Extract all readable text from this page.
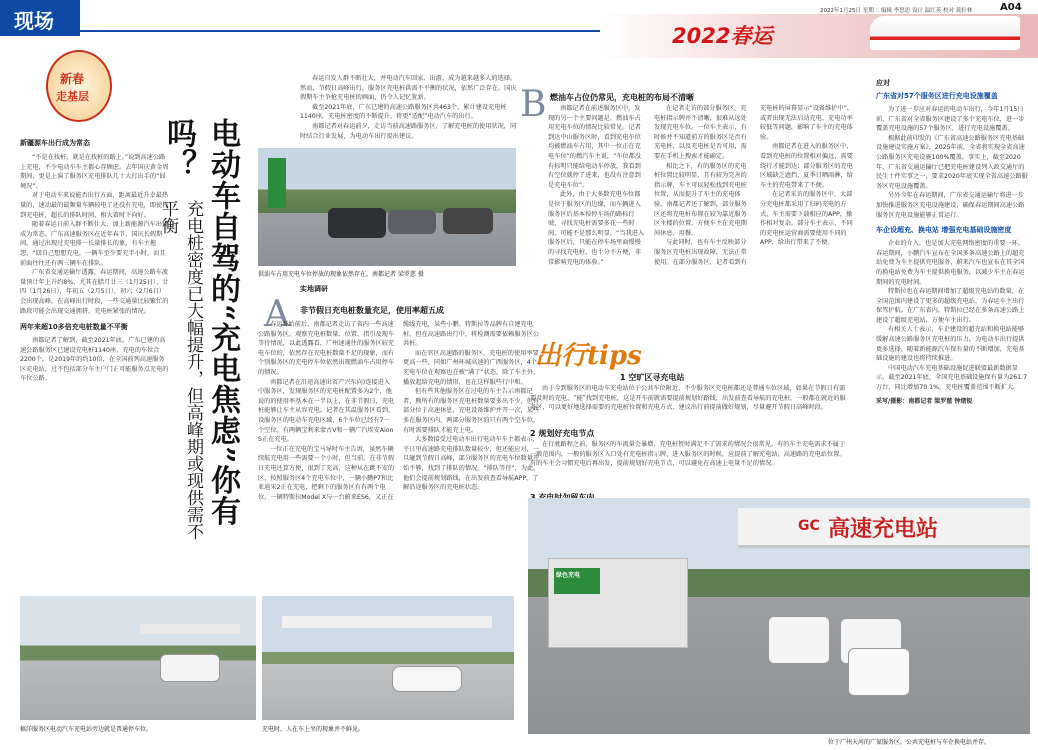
现场	2022年1月25日 星期二 编辑 李思思 设计 温红英 校对 黄轩林	A04
2022春运
新春
走基层
新疆源车出行成为常态

“不是在找桩，就是在找桩的路上。”说到高速公路上充电，不少电动车车主都心存顾虑。去年国庆黄金周期间，更是上演了服务区充电排队几十大打出手的“囧境况”。

对于电动车来说能否出行方面，距离最近升幸最热量的，速动最的最频量车辆较电了还没有充电，即使找到充电桩，超长的排队时间，相大着时下向好。

随着春运日前入群不断什大，加上新能源汽车出行成为常态。广东高速服务区在近年春节、国庆长假期间，通过出现过充电排一长量排长的象，有车主拖怨，“回自己想想充电，一辆车至少要充半小时，而且前面往往还有两三辆车在排队。

广东省交通运输厅透露，春运期间，高速公路车流量预计年上升约8%，尤其在腊月廿三（1月25日）、廿四（1月26日），年初五（2月5日），初六（2月6日）会出现高峰，在高峰出行时段，一些交通量比较繁忙的路段可能会出现交通拥挤。充电桩紧张的情况。

两年来超10多倍充电桩数量不平衡

南都记者了解到，截至2021年底，广东已建的高速公路服务区已建设充电桩1140座，充电的车位合2200个，是2019年的约10倍，在全国前列高速服务区充电站，过不包括部分车主户门正可能服务点充电的车位公路。	电动车自驾的“充电焦虑”你有吗？
充电桩密度已大幅提升，但高峰期或现供需不平衡

春运自发人群不断壮大，并电动汽车回家、出游，成为越来越多人的选择。然而，节假日高峰出行，服务区充电桩供需不平衡的状况，依然广泛存在。国庆假期车主争抢充电桩的画面，仍令人记忆犹新。

截至2021年底，广东已建的高速公路服务区共463个，累计建设充电桩1140座，充电桩密度的不断提升，将更“适配”电动汽车的出行。

南都记者对春运前夕，走访当前高速路服务区，了解充电桩的使用状况，同时结合行业发展，为电动车出行提出建议。

供油车占用充电车位停放的现象依然存在。南都记者 梁罗慈 摄
实地调研
A	非节假日充电桩数量充足，使用率超五成

春运开始前后，南都记者走访了省内一些高速公路服务区，观察充电桩数量、位置、指引及现车等待情况，以此透露看，广州速通往的服务区较充电车位的，依然存在充电桩数量不足的现象，而有个别服务区的充电停车位依然出现燃油车占用停车的情况。

南都记者在沿途高速出省产兴东向)连接进入中服务区，发现服务区的充电桩配置多为2个，他说的的使用率基本在一半以上，在非节假日，充电桩能够让车主从容充电。记者在其温服务区看到，设服务区的电动车充电区域，6个车位已经有7一个空位。有两辆宝利来蒙古V和一辆广汽埃安Aion S正在充电。

一位正在充电的宝马导时车主告诉，虽然车辆续航充电用一些需要一个小时，但当前，在非节假日充电还算方便，很到了充高，这种从在跳不安的区，按照服务区4个充电车位中，一辆小鹏P7和比亚迪宋2正在充电，把剩下的服务区有有两个电位，一辆特斯拉Model X与一台蔚来ES6，又正在缆线充电，某些小鹏、特斯拉等品牌有自建充电桩，但在高速路出行中，将检测需要依赖服务区公共桩。

而在官区高速路的服务区，充电桩的使用率要更高一些，同如广州环城高速的广西服务区，4个充电车位在观察也在被“满了”状态，除了车主外，播放起给充电的情形，也在这样服些行中和。

但有些其他服务区在过电的车主告示南都记者，熊所有的服务区充电桩数量要多出不少，但有部分位于高速休息，充电设备维护并开一次，某些多在服务区内，两部分服务区的只有两个空车位，有时需要排队才能充上电。

大多数接受过电动车出行电动车车主都表示，平日里高速路充电排队数量较少，但还能应对，一旦碰到节假日高峰，部分服务区的充电车位数量开始不够，找到了排队的情况。“排队等待”，为此，他们会提前规划路线，在出发前查看导航APP，了解沿途服务区的充电桩状态。

B 燃油车占位仍常见，充电桩的布局不清晰

南都记者在前述服务区中，发现的另一个主要问题是，燃油车占用充电车位的情况比较常见。记者到达中山服务区时，看到充电车位均被燃油车占用，其中一位正在充电车位”的燃汽车主说，“车位都没有标明只能给电动车停放，我看到有空位就停了进来，也没有注意到是充电车位”。

此外，由于大多数充电车位都是位于服务区的边缘，而车辆进入服务区后基本按停车场的路标行驶，寻找充电桩需要多花一些时间，可能不是那么明显，“当我进入服务区后，只能在停车场里面慢慢的寻找充电桩，也十分不方便，非常影响充电的体验。”

在记者走访的部分服务区，充电桩指示牌并不清晰，很难从远处发现充电车位。一位车主表示，有时候并不知道前方的服务区是否有充电桩，以及充电桩是否可用，需要在手机上搜索才能确定。

相比之下，有的服务区的充电桩位置比较明显，且有较为完善的指示牌，车主可以轻松找到充电桩位置，从而提升了车主的充电体验。南都记者还了解到，部分服务区还将充电桩布置在较为靠近服务区主楼的位置，方便车主在充电期间休息、用餐。

与此同时，也有车主反映部分服务区充电桩出现故障，无法正常使用。在部分服务区，记者看到有充电桩的屏幕显示“设备维护中”，或者出现无法启动充电、充电功率较低等问题，影响了车主的充电体验。

南都记者在进入的服务区中，看到充电桩的位置相对偏远，需要绕行才能到达；部分服务区的充电区域缺乏遮挡，夏季日晒雨淋，给车主的充电带来了不便。

在记者采访的服务区中，大部分充电桩都采用了扫码充电的方式，车主需要下载相应的APP，操作相对复杂。部分车主表示，不同的充电桩运营商需要使用不同的APP，给出行带来了不便。

出行tips
1 空旷区寻充电站
由于今到服务区的电动车充电站位于公共车位附近，不少服务区充电桩都还是普通车位区域，如果在节假日有需要及时的充电，“能”找到充电桩，这是开车前就需要提前规划好路线，出发前查看导航的充电桩，一般都在就近的服务区，可以更好地选择需要的充电桩位置和充电方式，建议出行前提前做好规划，尽量避开节假日高峰时段。
2 规划好充电节点
在行驶路程之前，服务区的车流量会暴增，充电桩暂时满足不了需求的情况会很常见。有的车主充电需求不属于一般范围内，一般的服务区入口处有充电桩指示牌，进入服务区的时候，应提前了解充电站，高速路的充电站位置。有的车主会习惯充电后再出发，提前规划好充电节点，可以避免在高速上电量不足的情况。
应对
广东省对57个服务区进行充电设施覆盖

为了进一步应对春运的电动车出行，今年1月15日前，广东省对全省服务区建设了多个充电车位，进一步覆盖充电设施的57个服务区，进行充电设施覆盖。

根据此前印发的《广东省高速公路服务区充电基础设施建设实施方案》，2025年前，全省将实现全省高速公路服务区充电设施100%覆盖。事实上，截至2020年，广东省交通运输厅已把充电桩建设列入政交通厅的民生十件实事之一，要求2020年底实现全省高速公路服务区充电设施覆盖。

另外今年在春运期间，广东省交通运输厅将进一步加快推进服务区充电设施建设，确保春运期间高速公路服务区充电设施能够正常运行。

车企设超充、换电站 增强充电基础设施密度

企业的介入，也是加大充电网络密度的重要一环。春运期间，小鹏汽车宣布在全国多条高速公路上的超充站免费为车主提供充电服务，蔚来汽车也宣布在其全国的换电站免费为车主提供换电服务，以减少车主在春运期间的充电时间。

特斯拉也在春运期间增加了超级充电站的数量，在全国范围内建设了更多的超级充电站，为春运车主出行保驾护航。在广东省内，特斯拉已经在多条高速公路上建设了超级充电站，方便车主出行。

有相关人士表示，车企建设的超充站和换电站能够缓解高速公路服务区充电桩的压力，为电动车出行提供更多选择。随着新能源汽车保有量的不断增加，充电基础设施的建设也将持续推进。

中国电动汽车充电基础设施促进联盟最新数据显示，截至2021年底，全国充电基础设施保有量为261.7万台，同比增加70.1%，充电桩覆盖范围不断扩大。

采写/摄影：南都记者 梁罗慈 钟绪锐
稿洋服务区电动汽车充电站旁边就是普通停车位。	充电时，人在车上坐的现象并不鲜见。
高速充电站
GC
绿色充电
位于广州天河的广氮服务区，公共充电桩与车企换电站并存。
